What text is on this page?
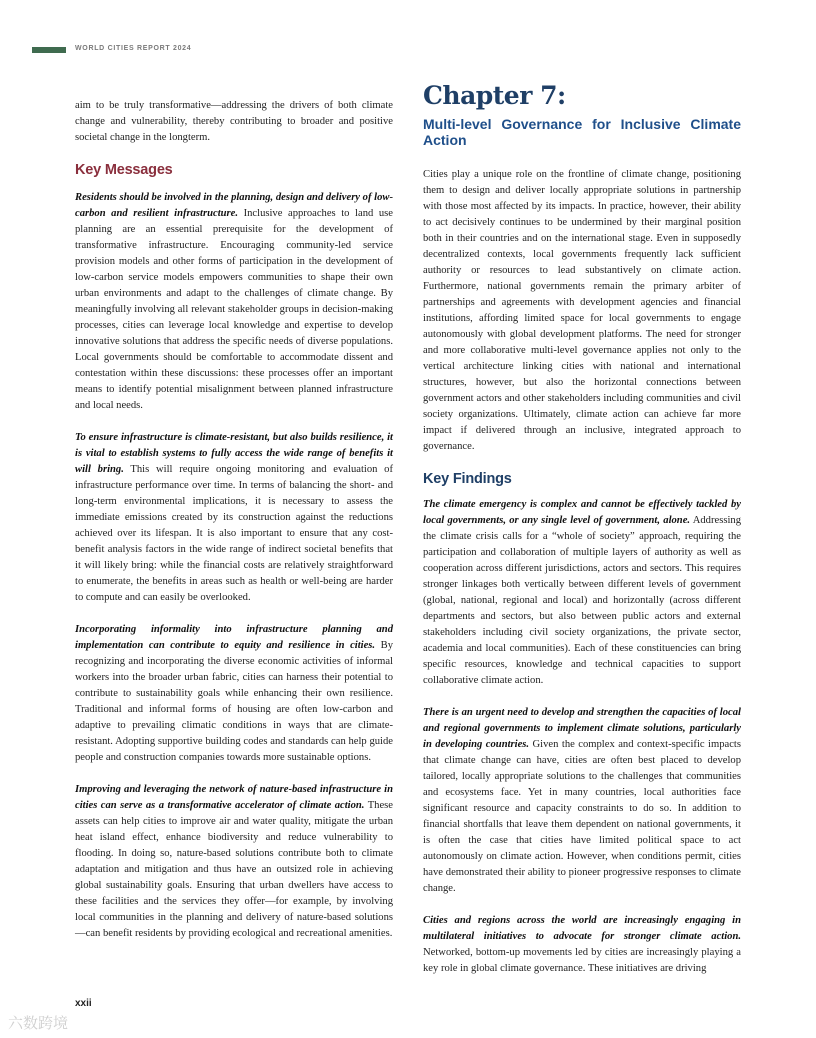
WORLD CITIES REPORT 2024

aim to be truly transformative—addressing the drivers of both climate change and vulnerability, thereby contributing to broader and positive societal change in the longterm.

Key Messages

Residents should be involved in the planning, design and delivery of low-carbon and resilient infrastructure. Inclusive approaches to land use planning are an essential prerequisite for the development of transformative infrastructure. Encouraging community-led service provision models and other forms of participation in the development of low-carbon service models empowers communities to shape their own urban environments and adapt to the challenges of climate change. By meaningfully involving all relevant stakeholder groups in decision-making processes, cities can leverage local knowledge and expertise to develop innovative solutions that address the specific needs of diverse populations. Local governments should be comfortable to accommodate dissent and contestation within these discussions: these processes offer an important means to identify potential misalignment between planned infrastructure and local needs.

To ensure infrastructure is climate-resistant, but also builds resilience, it is vital to establish systems to fully access the wide range of benefits it will bring. This will require ongoing monitoring and evaluation of infrastructure performance over time. In terms of balancing the short- and long-term environmental implications, it is necessary to assess the immediate emissions created by its construction against the reductions achieved over its lifespan. It is also important to ensure that any cost-benefit analysis factors in the wide range of indirect societal benefits that it will likely bring: while the financial costs are relatively straightforward to enumerate, the benefits in areas such as health or well-being are harder to compute and can easily be overlooked.

Incorporating informality into infrastructure planning and implementation can contribute to equity and resilience in cities. By recognizing and incorporating the diverse economic activities of informal workers into the broader urban fabric, cities can harness their potential to contribute to sustainability goals while enhancing their own resilience. Traditional and informal forms of housing are often low-carbon and adaptive to prevailing climatic conditions in ways that are climate-resistant. Adopting supportive building codes and standards can help guide people and construction companies towards more sustainable options.

Improving and leveraging the network of nature-based infrastructure in cities can serve as a transformative accelerator of climate action. These assets can help cities to improve air and water quality, mitigate the urban heat island effect, enhance biodiversity and reduce vulnerability to flooding. In doing so, nature-based solutions contribute both to climate adaptation and mitigation and thus have an outsized role in achieving global sustainability goals. Ensuring that urban dwellers have access to these facilities and the services they offer—for example, by involving local communities in the planning and delivery of nature-based solutions—can benefit residents by providing ecological and recreational amenities.

Chapter 7:
Multi-level Governance for Inclusive Climate Action

Cities play a unique role on the frontline of climate change, positioning them to design and deliver locally appropriate solutions in partnership with those most affected by its impacts. In practice, however, their ability to act decisively continues to be undermined by their marginal position both in their countries and on the international stage. Even in supposedly decentralized contexts, local governments frequently lack sufficient authority or resources to lead substantively on climate action. Furthermore, national governments remain the primary arbiter of partnerships and agreements with development agencies and financial institutions, affording limited space for local governments to engage autonomously with global development platforms. The need for stronger and more collaborative multi-level governance applies not only to the vertical architecture linking cities with national and international structures, however, but also the horizontal connections between government actors and other stakeholders including communities and civil society organizations. Ultimately, climate action can achieve far more impact if delivered through an inclusive, integrated approach to governance.

Key Findings

The climate emergency is complex and cannot be effectively tackled by local governments, or any single level of government, alone. Addressing the climate crisis calls for a “whole of society” approach, requiring the participation and collaboration of multiple layers of authority as well as cooperation across different jurisdictions, actors and sectors. This requires stronger linkages both vertically between different levels of government (global, national, regional and local) and horizontally (across different departments and sectors, but also between public actors and external stakeholders including civil society organizations, the private sector, academia and local communities). Each of these constituencies can bring specific resources, knowledge and technical capacities to support collaborative climate action.

There is an urgent need to develop and strengthen the capacities of local and regional governments to implement climate solutions, particularly in developing countries. Given the complex and context-specific impacts that climate change can have, cities are often best placed to develop tailored, locally appropriate solutions to the challenges that communities and ecosystems face. Yet in many countries, local authorities face significant resource and capacity constraints to do so. In addition to financial shortfalls that leave them dependent on national governments, it is often the case that cities have limited political space to act autonomously on climate action. However, when conditions permit, cities have demonstrated their ability to pioneer progressive responses to climate change.

Cities and regions across the world are increasingly engaging in multilateral initiatives to advocate for stronger climate action. Networked, bottom-up movements led by cities are increasingly playing a key role in global climate governance. These initiatives are driving

xxii
六数跨境
